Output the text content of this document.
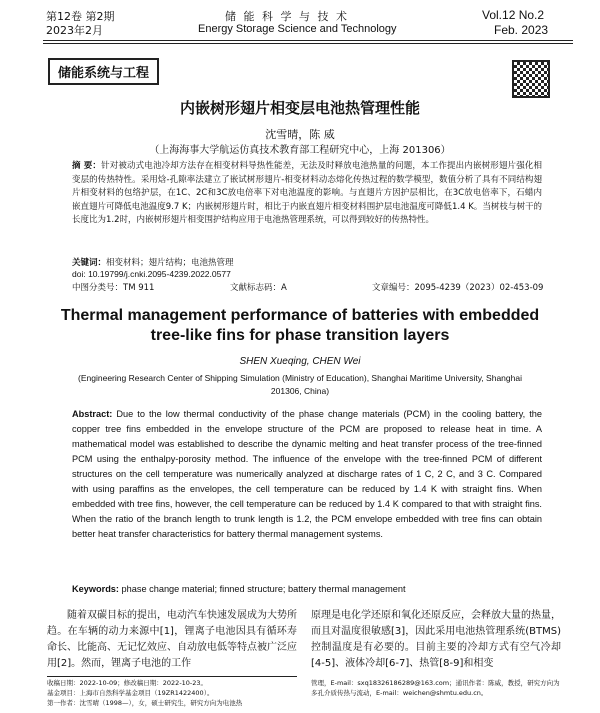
第12卷 第2期
2023年2月
储 能 科 学 与 技 术
Energy Storage Science and Technology
Vol.12 No.2
Feb. 2023
储能系统与工程
内嵌树形翅片相变层电池热管理性能
沈雪晴，陈 威
（上海海事大学航运仿真技术教育部工程研究中心，上海 201306）
摘 要：针对被动式电池冷却方法存在相变材料导热性能差，无法及时释放电池热量的问题，本工作提出内嵌树形翅片强化相变层的传热特性。采用焓-孔隙率法建立了嵌试树形翅片-相变材料动态熔化传热过程的数学模型，数值分析了具有不同结构翅片相变材料的包络护层，在1C、2C和3C放电倍率下对电池温度的影响。与直翅片方因护层相比，在3C放电倍率下，石蜡内嵌直翅片可降低电池温度9.7 K；内嵌树形翅片时，相比于内嵌直翅片相变材料围护层电池温度可降低1.4 K。当树枝与树干的长度比为1.2时，内嵌树形翅片相变围护结构应用于电池热管理系统，可以得到较好的传热特性。
关键词：相变材料；翅片结构；电池热管理
doi: 10.19799/j.cnki.2095-4239.2022.0577
中图分类号：TM 911	文献标志码：A	文章编号：2095-4239（2023）02-453-09
Thermal management performance of batteries with embedded tree-like fins for phase transition layers
SHEN Xueqing, CHEN Wei
(Engineering Research Center of Shipping Simulation (Ministry of Education), Shanghai Maritime University, Shanghai 201306, China)
Abstract: Due to the low thermal conductivity of the phase change materials (PCM) in the cooling battery, the copper tree fins embedded in the envelope structure of the PCM are proposed to release heat in time. A mathematical model was established to describe the dynamic melting and heat transfer process of the tree-finned PCM using the enthalpy-porosity method. The influence of the envelope with the tree-finned PCM of different structures on the cell temperature was numerically analyzed at discharge rates of 1 C, 2 C, and 3 C. Compared with using paraffins as the envelopes, the cell temperature can be reduced by 1.4 K with straight fins. When embedded with tree fins, however, the cell temperature can be reduced by 1.4 K compared to that with straight fins. When the ratio of the branch length to trunk length is 1.2, the PCM envelope embedded with tree fins can obtain better heat transfer characteristics for battery thermal management systems.
Keywords: phase change material; finned structure; battery thermal management
随着双碳目标的提出，电动汽车快速发展成为大势所趋。在车辆的动力来源中[1]，锂离子电池因具有循环寿命长、比能高、无记忆效应、自动放电低等特点被广泛应用[2]。然而，锂离子电池的工作
原理是电化学还原和氧化还原反应，会释放大量的热量，而且对温度很敏感[3]，因此采用电池热管理系统(BTMS)控制温度是有必要的。目前主要的冷却方式有空气冷却[4-5]、液体冷却[6-7]、热管[8-9]和相变
收稿日期：2022-10-09；修改稿日期：2022-10-23。
基金项目：上海市自然科学基金项目（19ZR1422400）。
第一作者：沈雪晴（1998—），女，硕士研究生，研究方向为电池热
管理，E-mail：sxq18326186289@163.com；通讯作者：陈威，教授，研究方向为多孔介质传热与流动，E-mail：weichen@shmtu.edu.cn。
